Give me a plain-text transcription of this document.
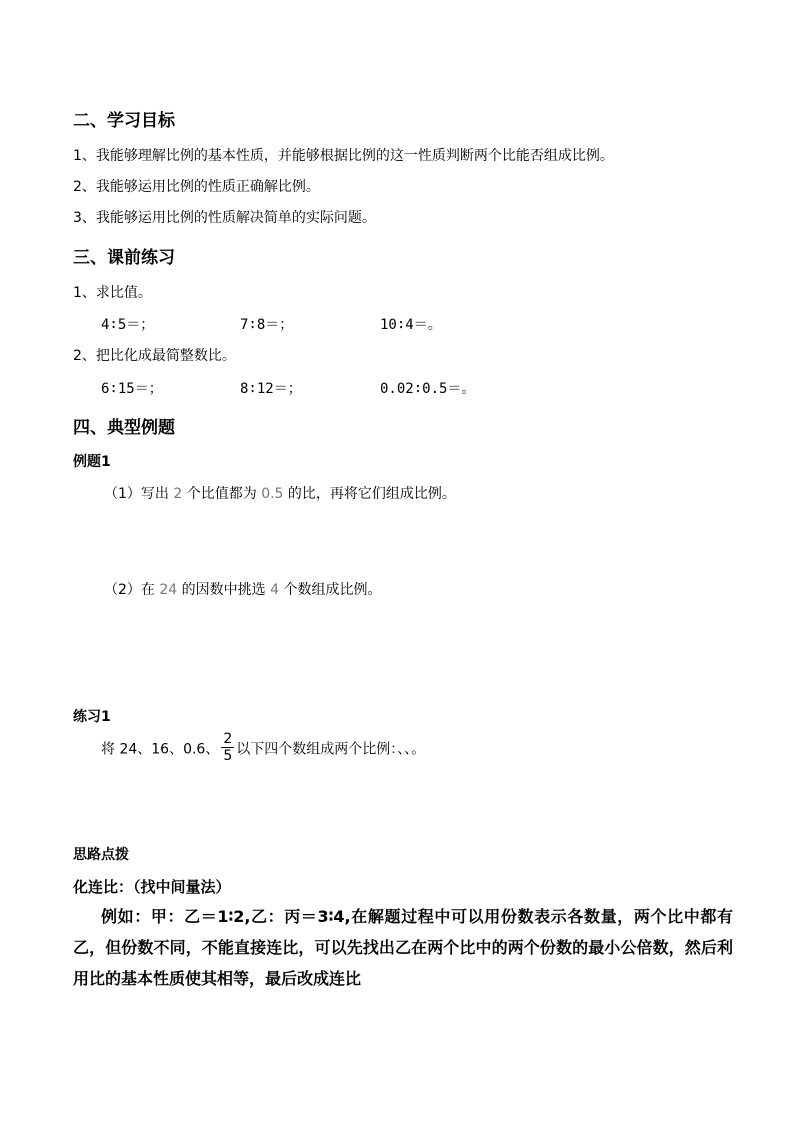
二、学习目标
1、我能够理解比例的基本性质，并能够根据比例的这一性质判断两个比能否组成比例。
2、我能够运用比例的性质正确解比例。
3、我能够运用比例的性质解决简单的实际问题。
三、课前练习
1、求比值。
4∶5＝；	7∶8＝；	10∶4＝。
2、把比化成最简整数比。
6∶15＝；	8∶12＝；	0.02∶0.5＝。
四、典型例题
例题1
（1）写出 2 个比值都为 0.5 的比，再将它们组成比例。
（2）在 24 的因数中挑选 4 个数组成比例。
练习1
将 24、16、0.6、 $\frac{2}{5}$ 以下四个数组成两个比例：、、。
思路点拨
化连比：（找中间量法）
例如：甲：乙＝1∶2,乙：丙＝3∶4,在解题过程中可以用份数表示各数量，两个比中都有乙，但份数不同，不能直接连比，可以先找出乙在两个比中的两个份数的最小公倍数，然后利用比的基本性质使其相等，最后改成连比
